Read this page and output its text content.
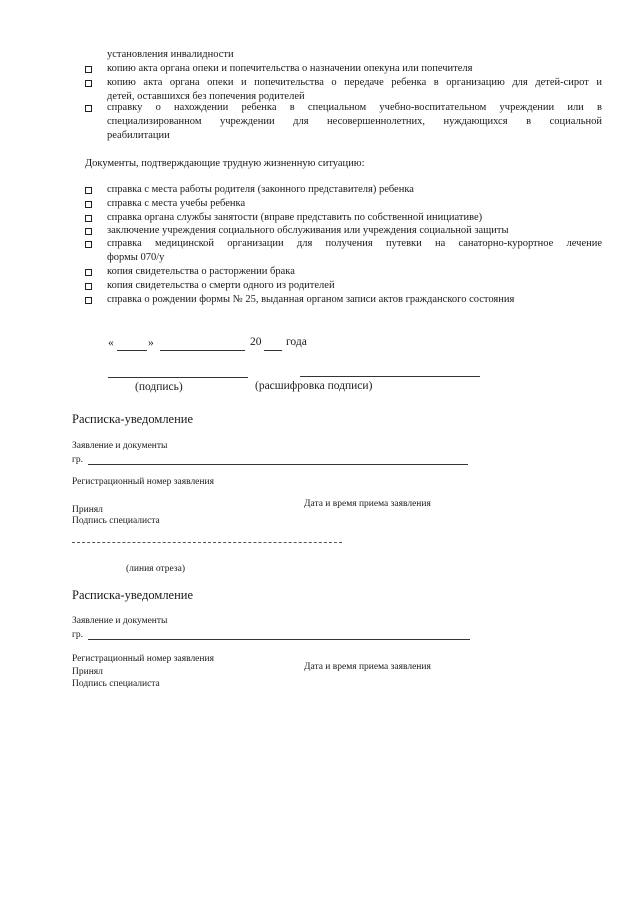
установления инвалидности
копию акта органа опеки и попечительства о назначении опекуна или попечителя
копию акта органа опеки и попечительства о передаче ребенка в организацию для детей-сирот и
детей, оставшихся без попечения родителей
справку о нахождении ребенка в специальном учебно-воспитательном учреждении или в
специализированном учреждении для несовершеннолетних, нуждающихся в социальной
реабилитации
Документы, подтверждающие трудную жизненную ситуацию:
справка с места работы родителя (законного представителя) ребенка
справка с места учебы ребенка
справка органа службы занятости (вправе представить по собственной инициативе)
заключение учреждения социального обслуживания или учреждения социальной защиты
справка медицинской организации для получения путевки на санаторно-курортное лечение
формы 070/у
копия свидетельства о расторжении брака
копия свидетельства о смерти одного из родителей
справка о рождении формы № 25, выданная органом записи актов гражданского состояния
«	»	20 года
(подпись)	(расшифровка подписи)
Расписка-уведомление
Заявление и документы
гр.
Регистрационный номер заявления
Дата и время приема заявления
Принял
Подпись специалиста
(линия отреза)
Расписка-уведомление
Заявление и документы
гр.
Регистрационный номер заявления
Дата и время приема заявления
Принял
Подпись специалиста
